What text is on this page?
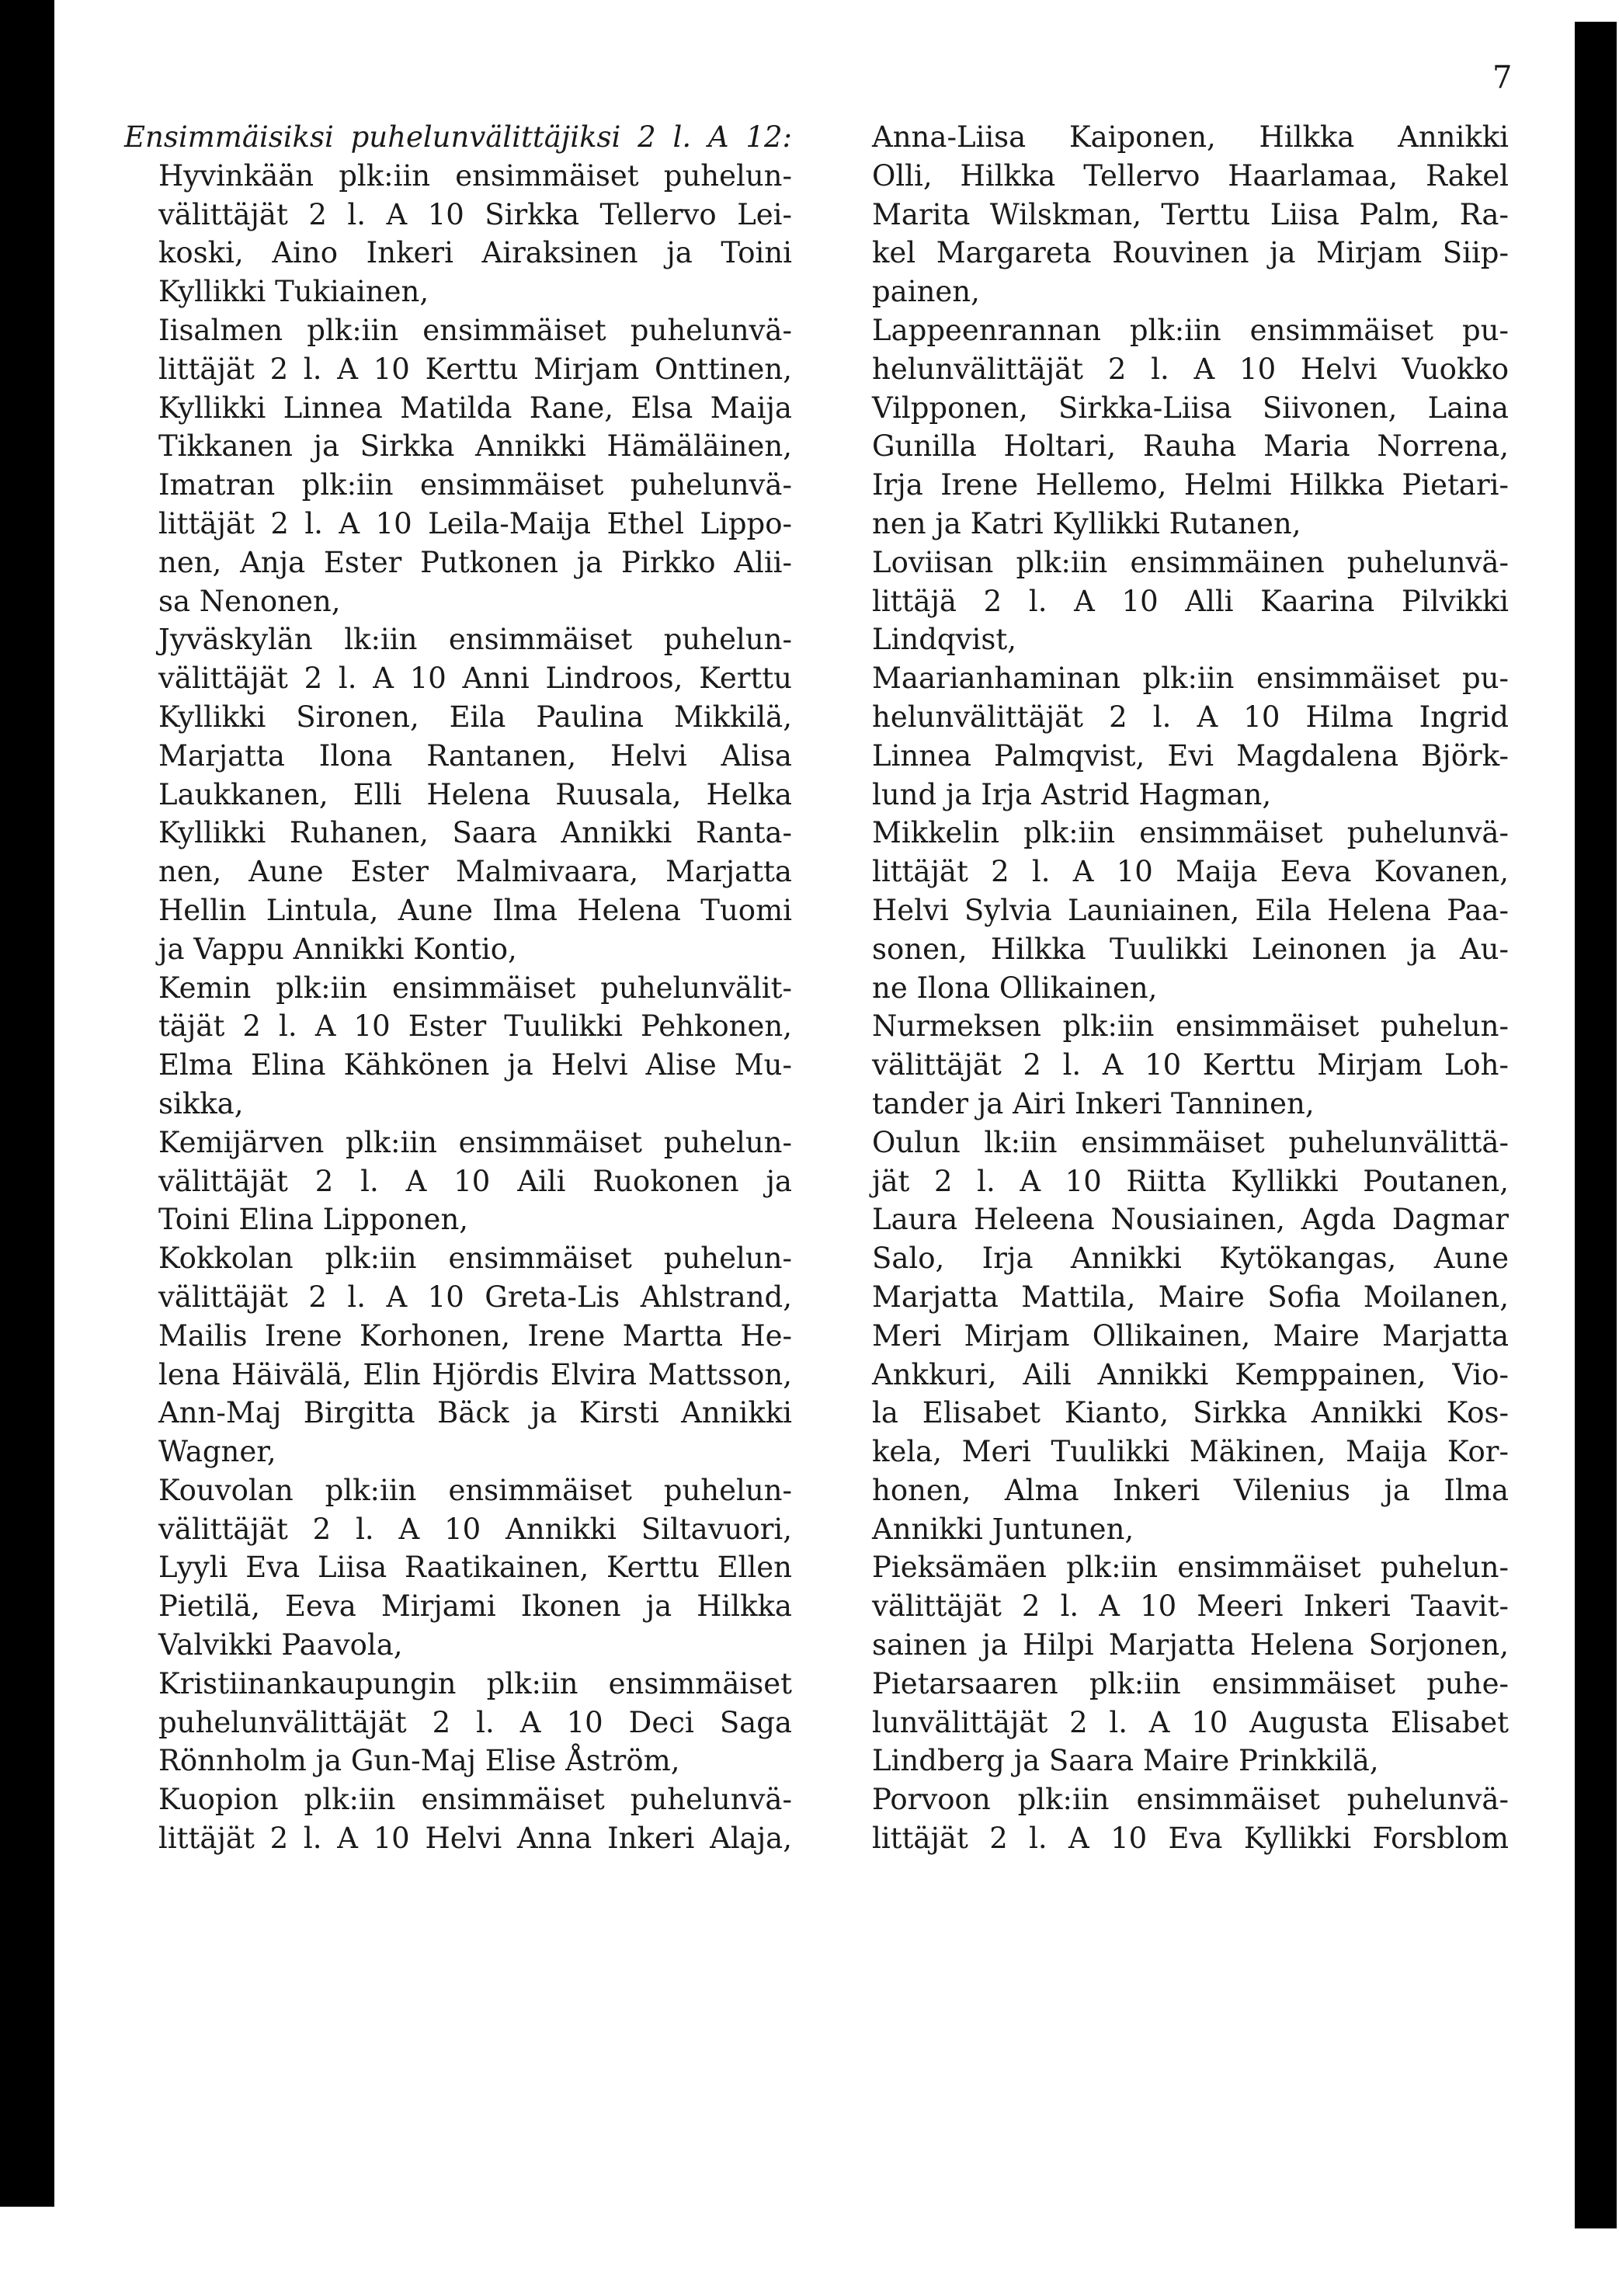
7
Ensimmäisiksi puhelunvälittäjiksi 2 l. A 12:
Hyvinkään plk:iin ensimmäiset puhelun-
välittäjät 2 l. A 10 Sirkka Tellervo Lei-
koski, Aino Inkeri Airaksinen ja Toini
Kyllikki Tukiainen,
Iisalmen plk:iin ensimmäiset puhelunvä-
littäjät 2 l. A 10 Kerttu Mirjam Onttinen,
Kyllikki Linnea Matilda Rane, Elsa Maija
Tikkanen ja Sirkka Annikki Hämäläinen,
Imatran plk:iin ensimmäiset puhelunvä-
littäjät 2 l. A 10 Leila-Maija Ethel Lippo-
nen, Anja Ester Putkonen ja Pirkko Alii-
sa Nenonen,
Jyväskylän lk:iin ensimmäiset puhelun-
välittäjät 2 l. A 10 Anni Lindroos, Kerttu
Kyllikki Sironen, Eila Paulina Mikkilä,
Marjatta Ilona Rantanen, Helvi Alisa
Laukkanen, Elli Helena Ruusala, Helka
Kyllikki Ruhanen, Saara Annikki Ranta-
nen, Aune Ester Malmivaara, Marjatta
Hellin Lintula, Aune Ilma Helena Tuomi
ja Vappu Annikki Kontio,
Kemin plk:iin ensimmäiset puhelunvälit-
täjät 2 l. A 10 Ester Tuulikki Pehkonen,
Elma Elina Kähkönen ja Helvi Alise Mu-
sikka,
Kemijärven plk:iin ensimmäiset puhelun-
välittäjät 2 l. A 10 Aili Ruokonen ja
Toini Elina Lipponen,
Kokkolan plk:iin ensimmäiset puhelun-
välittäjät 2 l. A 10 Greta-Lis Ahlstrand,
Mailis Irene Korhonen, Irene Martta He-
lena Häivälä, Elin Hjördis Elvira Mattsson,
Ann-Maj Birgitta Bäck ja Kirsti Annikki
Wagner,
Kouvolan plk:iin ensimmäiset puhelun-
välittäjät 2 l. A 10 Annikki Siltavuori,
Lyyli Eva Liisa Raatikainen, Kerttu Ellen
Pietilä, Eeva Mirjami Ikonen ja Hilkka
Valvikki Paavola,
Kristiinankaupungin plk:iin ensimmäiset
puhelunvälittäjät 2 l. A 10 Deci Saga
Rönnholm ja Gun-Maj Elise Åström,
Kuopion plk:iin ensimmäiset puhelunvä-
littäjät 2 l. A 10 Helvi Anna Inkeri Alaja,
Anna-Liisa Kaiponen, Hilkka Annikki
Olli, Hilkka Tellervo Haarlamaa, Rakel
Marita Wilskman, Terttu Liisa Palm, Ra-
kel Margareta Rouvinen ja Mirjam Siip-
painen,
Lappeenrannan plk:iin ensimmäiset pu-
helunvälittäjät 2 l. A 10 Helvi Vuokko
Vilpponen, Sirkka-Liisa Siivonen, Laina
Gunilla Holtari, Rauha Maria Norrena,
Irja Irene Hellemo, Helmi Hilkka Pietari-
nen ja Katri Kyllikki Rutanen,
Loviisan plk:iin ensimmäinen puhelunvä-
littäjä 2 l. A 10 Alli Kaarina Pilvikki
Lindqvist,
Maarianhaminan plk:iin ensimmäiset pu-
helunvälittäjät 2 l. A 10 Hilma Ingrid
Linnea Palmqvist, Evi Magdalena Björk-
lund ja Irja Astrid Hagman,
Mikkelin plk:iin ensimmäiset puhelunvä-
littäjät 2 l. A 10 Maija Eeva Kovanen,
Helvi Sylvia Launiainen, Eila Helena Paa-
sonen, Hilkka Tuulikki Leinonen ja Au-
ne Ilona Ollikainen,
Nurmeksen plk:iin ensimmäiset puhelun-
välittäjät 2 l. A 10 Kerttu Mirjam Loh-
tander ja Airi Inkeri Tanninen,
Oulun lk:iin ensimmäiset puhelunvälittä-
jät 2 l. A 10 Riitta Kyllikki Poutanen,
Laura Heleena Nousiainen, Agda Dagmar
Salo, Irja Annikki Kytökangas, Aune
Marjatta Mattila, Maire Sofia Moilanen,
Meri Mirjam Ollikainen, Maire Marjatta
Ankkuri, Aili Annikki Kemppainen, Vio-
la Elisabet Kianto, Sirkka Annikki Kos-
kela, Meri Tuulikki Mäkinen, Maija Kor-
honen, Alma Inkeri Vilenius ja Ilma
Annikki Juntunen,
Pieksämäen plk:iin ensimmäiset puhelun-
välittäjät 2 l. A 10 Meeri Inkeri Taavit-
sainen ja Hilpi Marjatta Helena Sorjonen,
Pietarsaaren plk:iin ensimmäiset puhe-
lunvälittäjät 2 l. A 10 Augusta Elisabet
Lindberg ja Saara Maire Prinkkilä,
Porvoon plk:iin ensimmäiset puhelunvä-
littäjät 2 l. A 10 Eva Kyllikki Forsblom
